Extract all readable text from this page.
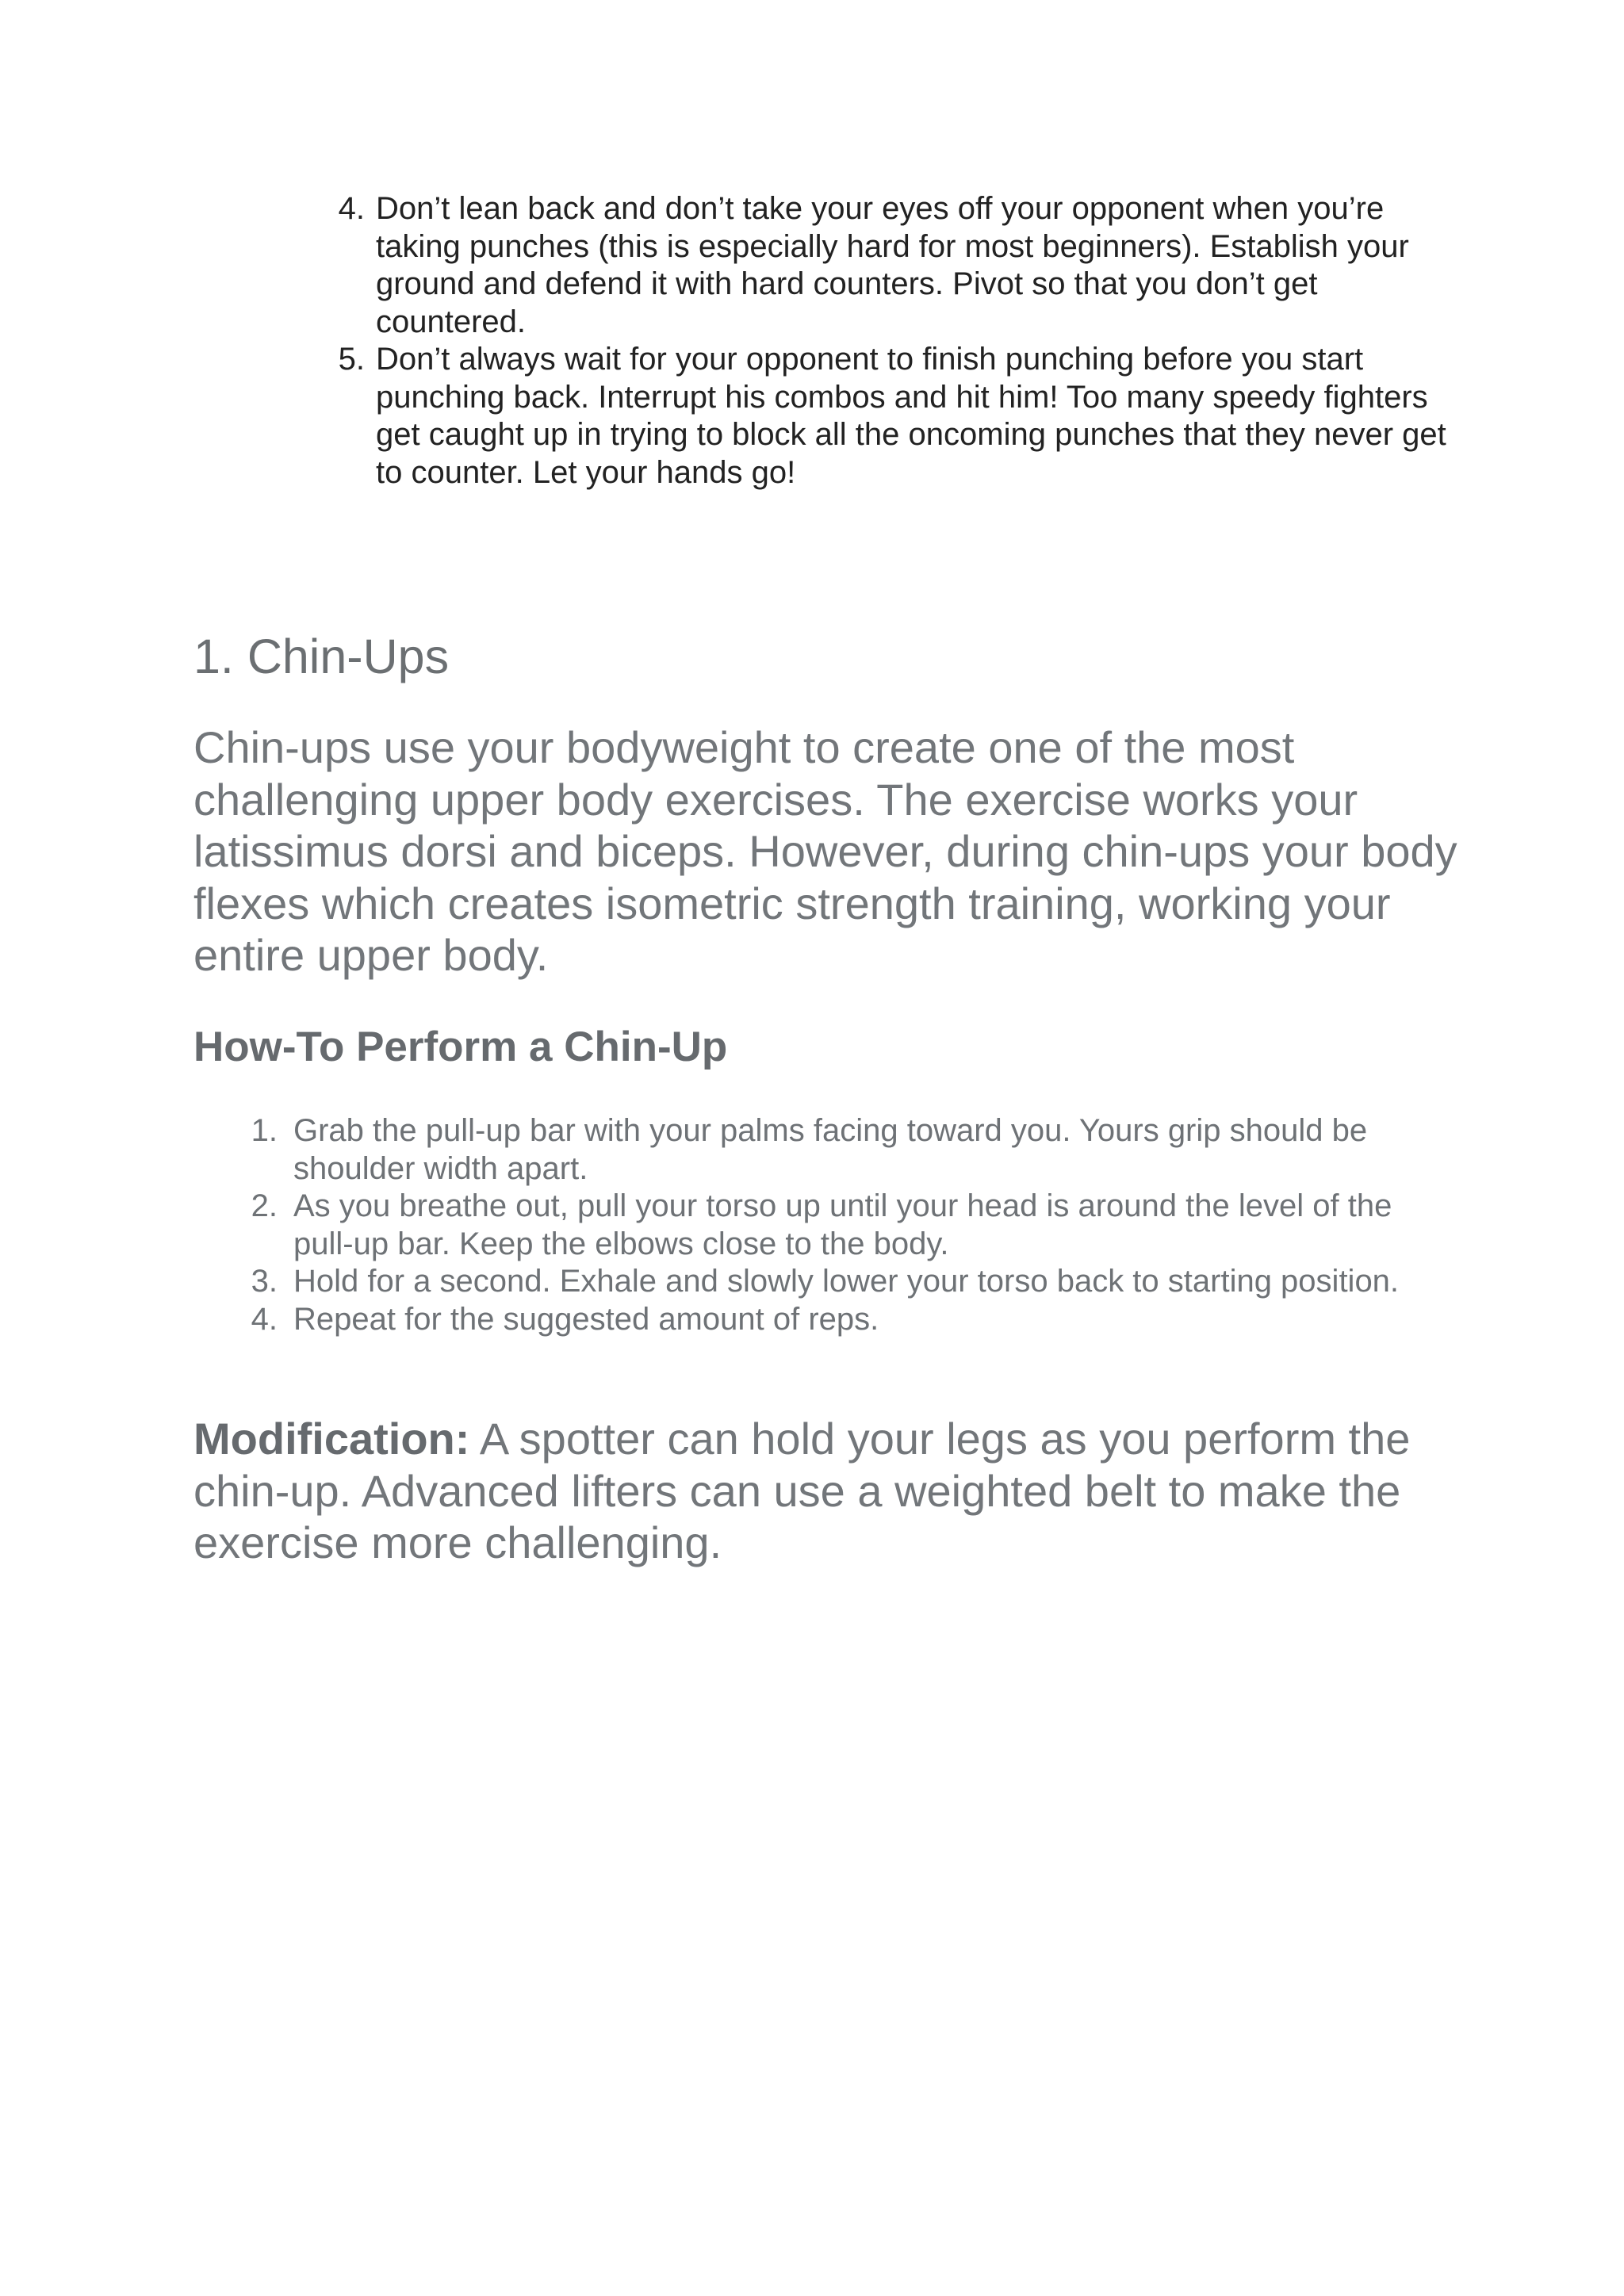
4. Don’t lean back and don’t take your eyes off your opponent when you’re taking punches (this is especially hard for most beginners). Establish your ground and defend it with hard counters. Pivot so that you don’t get countered.
5. Don’t always wait for your opponent to finish punching before you start punching back. Interrupt his combos and hit him! Too many speedy fighters get caught up in trying to block all the oncoming punches that they never get to counter. Let your hands go!
1. Chin-Ups

Chin-ups use your bodyweight to create one of the most challenging upper body exercises. The exercise works your latissimus dorsi and biceps. However, during chin-ups your body flexes which creates isometric strength training, working your entire upper body.

How-To Perform a Chin-Up
1. Grab the pull-up bar with your palms facing toward you. Yours grip should be shoulder width apart.
2. As you breathe out, pull your torso up until your head is around the level of the pull-up bar. Keep the elbows close to the body.
3. Hold for a second. Exhale and slowly lower your torso back to starting position.
4. Repeat for the suggested amount of reps.

Modification: A spotter can hold your legs as you perform the chin-up. Advanced lifters can use a weighted belt to make the exercise more challenging.
